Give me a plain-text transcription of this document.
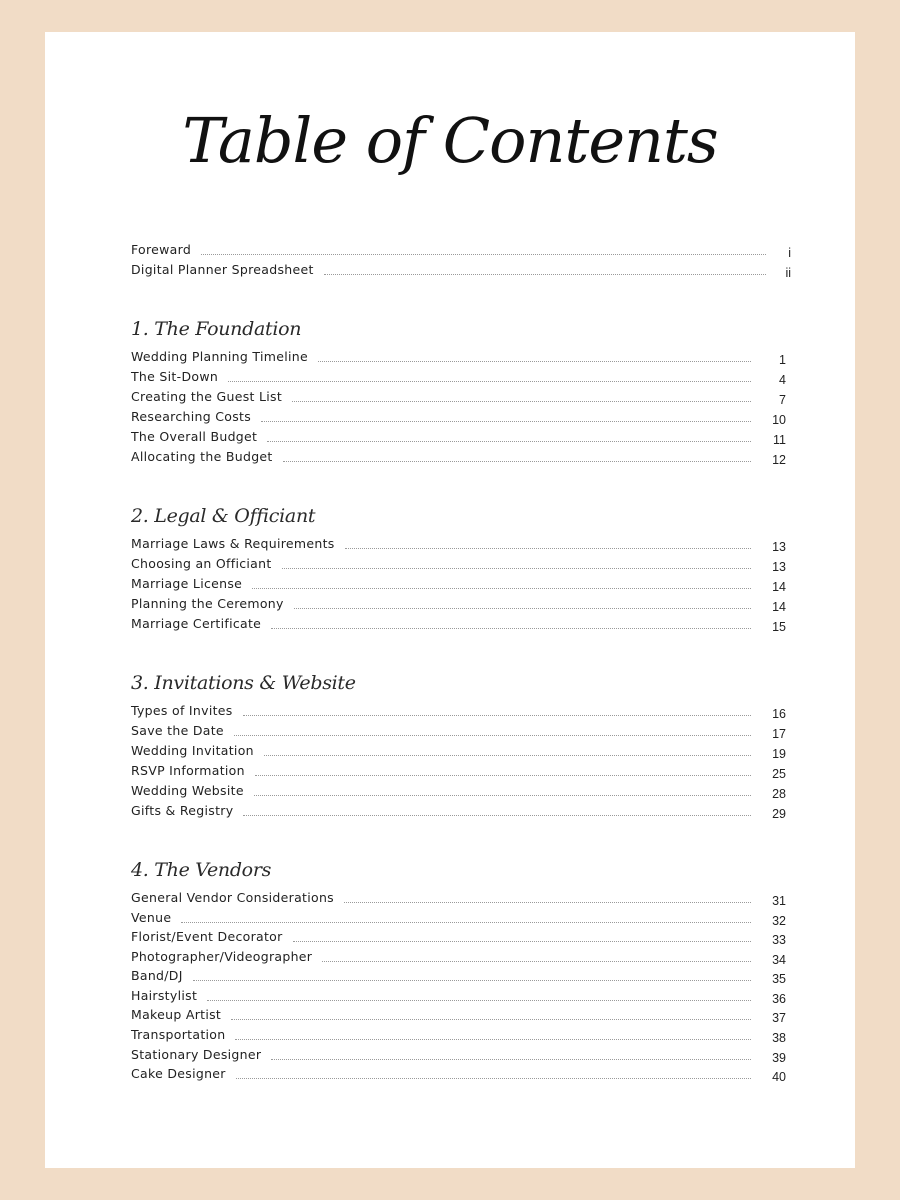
Table of Contents
Foreward	i
Digital Planner Spreadsheet	ii
1. The Foundation
Wedding Planning Timeline	1
The Sit-Down	4
Creating the Guest List	7
Researching Costs	10
The Overall Budget	11
Allocating the Budget	12
2. Legal & Officiant
Marriage Laws & Requirements	13
Choosing an Officiant	13
Marriage License	14
Planning the Ceremony	14
Marriage Certificate	15
3. Invitations & Website
Types of Invites	16
Save the Date	17
Wedding Invitation	19
RSVP Information	25
Wedding Website	28
Gifts & Registry	29
4. The Vendors
General Vendor Considerations	31
Venue	32
Florist/Event Decorator	33
Photographer/Videographer	34
Band/DJ	35
Hairstylist	36
Makeup Artist	37
Transportation	38
Stationary Designer	39
Cake Designer	40
